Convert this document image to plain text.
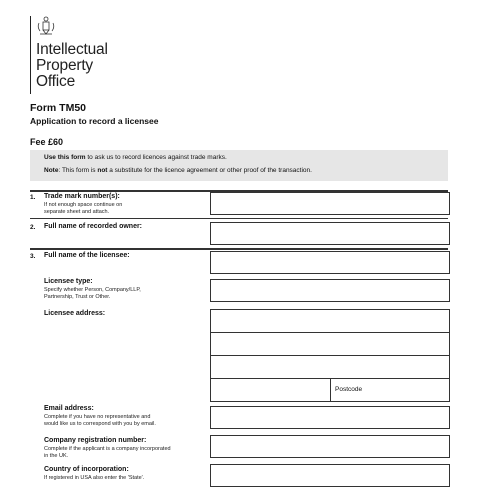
Intellectual
Property
Office
Form TM50
Application to record a licensee
Fee £60
Use this form to ask us to record licences against trade marks.
Note: This form is not a substitute for the licence agreement or other proof of the transaction.
1. Trade mark number(s):
If not enough space continue on
separate sheet and attach.
2. Full name of recorded owner:
3. Full name of the licensee:
Licensee type:
Specify whether Person, Company/LLP,
Partnership, Trust or Other.
Licensee address:
Postcode
Email address:
Complete if you have no representative and
would like us to correspond with you by email.
Company registration number:
Complete if the applicant is a company incorporated
in the UK.
Country of incorporation:
If registered in USA also enter the 'State'.
